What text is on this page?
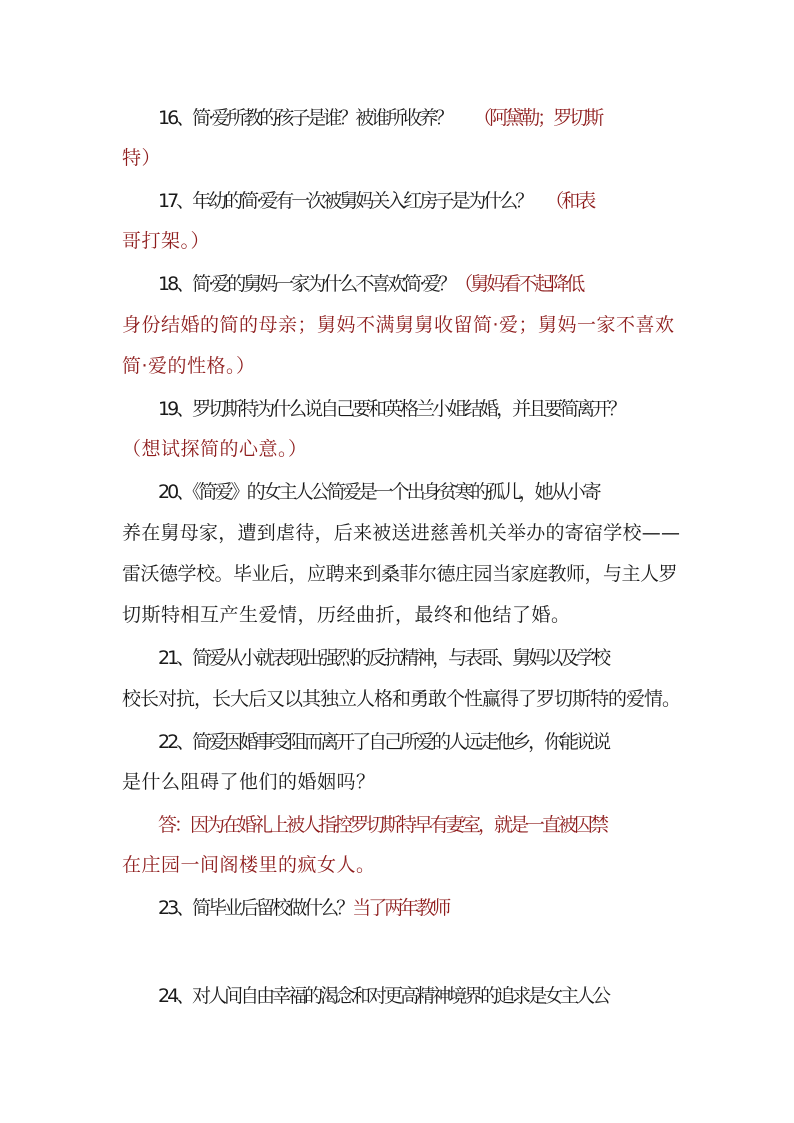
16、简·爱所教的孩子是谁？被谁所收养？ （阿黛勒；罗切斯
特）
17、年幼的简·爱有一次被舅妈关入红房子是为什么？ （和表
哥打架。）
18、简·爱的舅妈一家为什么不喜欢简·爱？（舅妈看不起降低
身份结婚的简的母亲；舅妈不满舅舅收留简·爱；舅妈一家不喜欢
简·爱的性格。）
19、罗切斯特为什么说自己要和英格兰小姐结婚，并且要简离开？
（想试探简的心意。）
20、《简爱》的女主人公简爱是一个出身贫寒的孤儿，她从小寄
养在舅母家，遭到虐待，后来被送进慈善机关举办的寄宿学校——
雷沃德学校。毕业后，应聘来到桑菲尔德庄园当家庭教师，与主人罗
切斯特相互产生爱情，历经曲折，最终和他结了婚。
21、简爱从小就表现出强烈的反抗精神，与表哥、舅妈以及学校
校长对抗，长大后又以其独立人格和勇敢个性赢得了罗切斯特的爱情。
22、简爱因婚事受阻而离开了自己所爱的人远走他乡，你能说说
是什么阻碍了他们的婚姻吗？
答：因为在婚礼上被人指控罗切斯特早有妻室，就是一直被囚禁
在庄园一间阁楼里的疯女人。
23、简毕业后留校做什么？当了两年教师
24、对人间自由幸福的渴念和对更高精神境界的追求是女主人公
